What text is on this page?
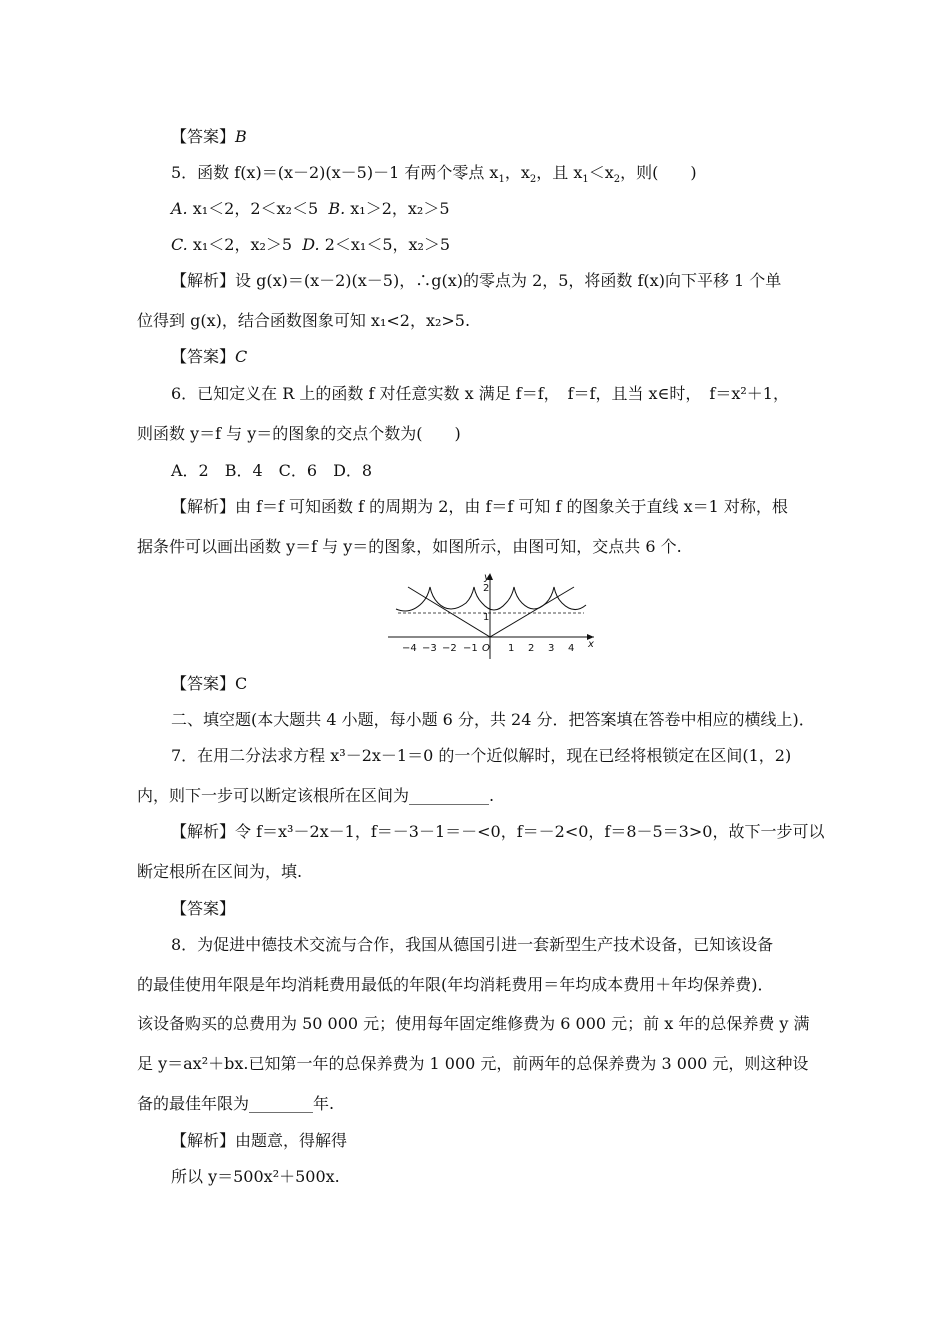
【答案】B
5．函数 f(x)＝(x－2)(x－5)－1 有两个零点 $x_1$，$x_2$，且 $x_1<x_2$，则(　　)
A. x₁＜2，2＜x₂＜5 B. x₁＞2，x₂＞5
C. x₁＜2，x₂＞5 D. 2＜x₁＜5，x₂＞5
【解析】设 g(x)＝(x－2)(x－5)，∴g(x)的零点为 2，5，将函数 f(x)向下平移 1 个单
位得到 g(x)，结合函数图象可知 x₁<2，x₂>5.
【答案】C
6．已知定义在 R 上的函数 f 对任意实数 x 满足 f＝f，　f＝f，且当 x∈时，　f＝x²＋1，
则函数 y＝f 与 y＝的图象的交点个数为(　　)
A．2　B．4　C．6　D．8
【解析】由 f＝f 可知函数 f 的周期为 2，由 f＝f 可知 f 的图象关于直线 x＝1 对称，根
据条件可以画出函数 y＝f 与 y＝的图象，如图所示，由图可知，交点共 6 个.
−4 −3 −2 −1 O 1 2 3 4 x
y
2
1
【答案】C
二、填空题(本大题共 4 小题，每小题 6 分，共 24 分．把答案填在答卷中相应的横线上)．
7．在用二分法求方程 x³－2x－1＝0 的一个近似解时，现在已经将根锁定在区间(1，2)
内，则下一步可以断定该根所在区间为__________.
【解析】令 f＝x³－2x－1，f＝－3－1＝－<0，f＝－2<0，f＝8－5＝3>0，故下一步可以
断定根所在区间为，填.
【答案】
8．为促进中德技术交流与合作，我国从德国引进一套新型生产技术设备，已知该设备
的最佳使用年限是年均消耗费用最低的年限(年均消耗费用＝年均成本费用＋年均保养费)．
该设备购买的总费用为 50 000 元；使用每年固定维修费为 6 000 元；前 x 年的总保养费 y 满
足 y＝ax²＋bx.已知第一年的总保养费为 1 000 元，前两年的总保养费为 3 000 元，则这种设
备的最佳年限为________年.
【解析】由题意，得解得
所以 y＝500x²＋500x.
